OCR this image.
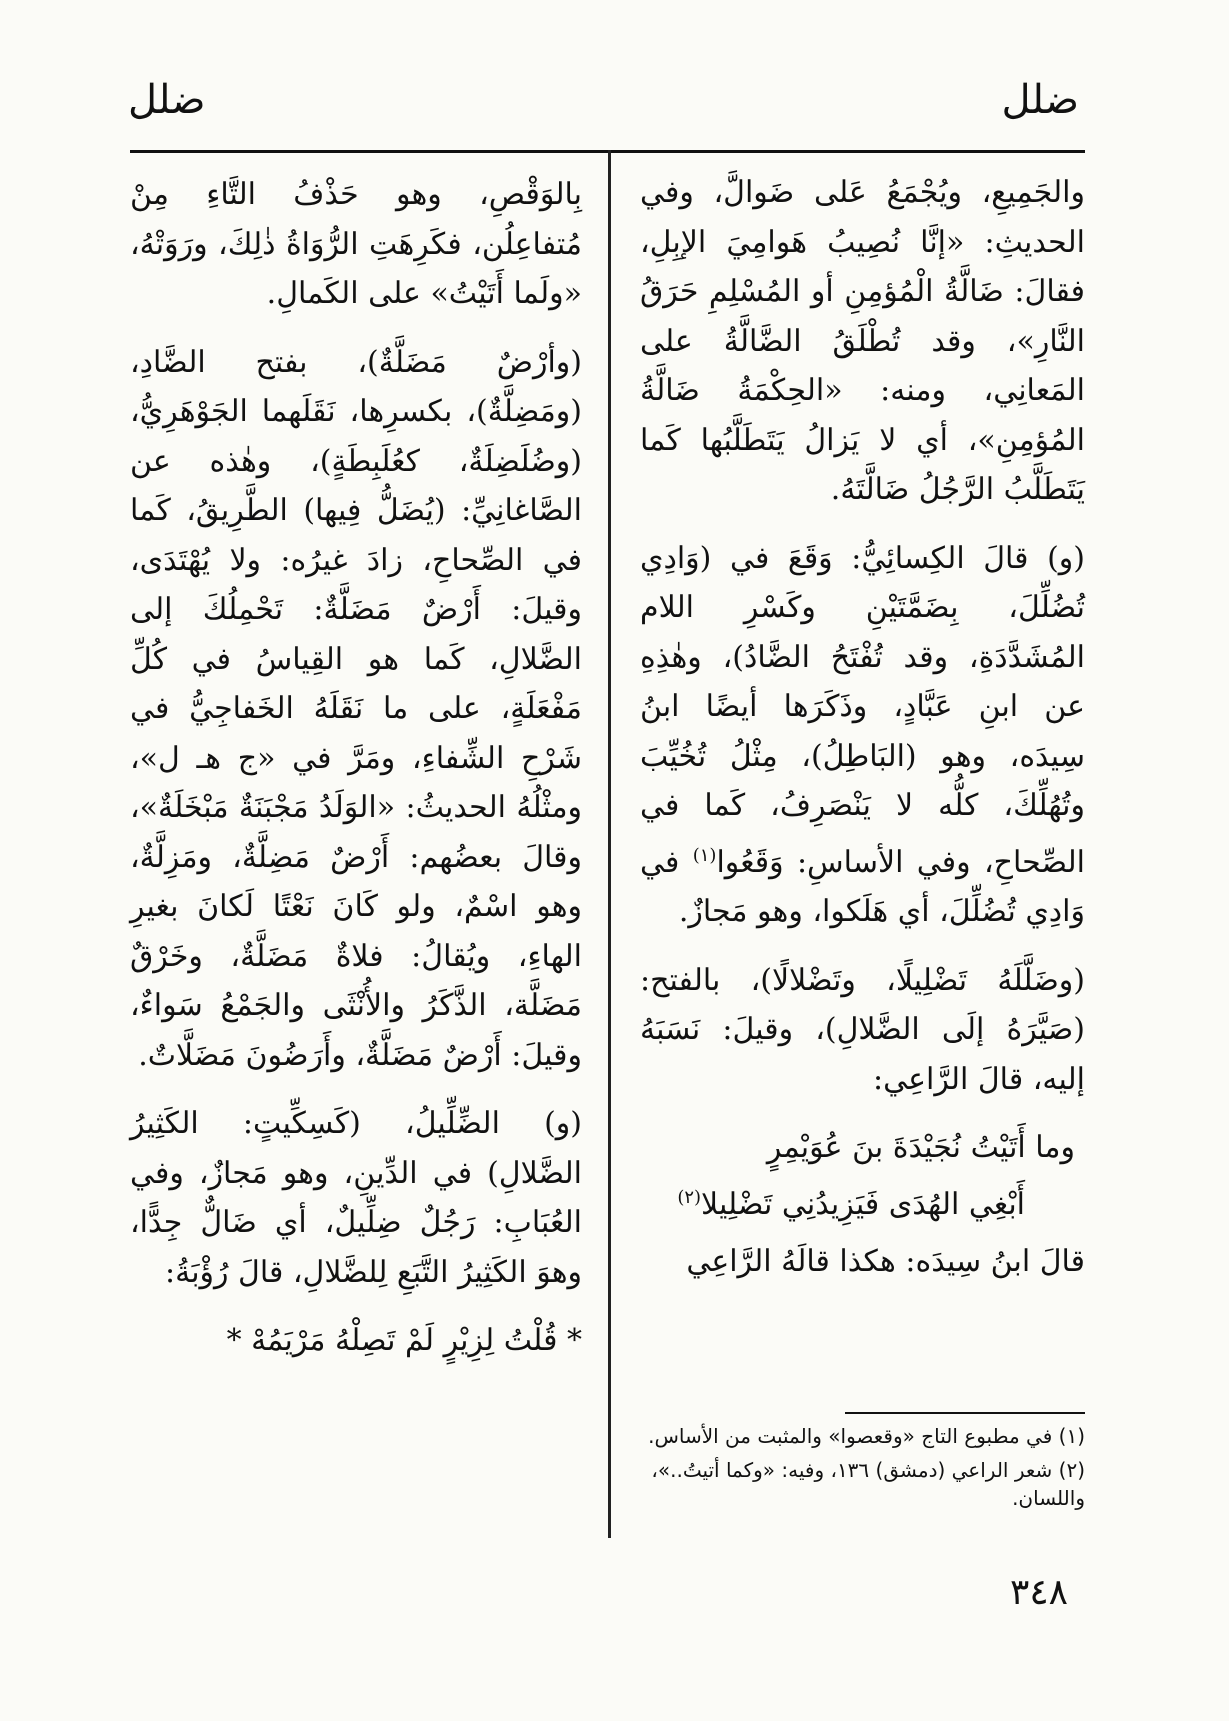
ضلل
ضلل

والجَمِيعِ، ويُجْمَعُ عَلى ضَوالَّ، وفي الحديثِ: «إنَّا نُصِيبُ هَوامِيَ الإبِلِ، فقالَ: ضَالَّةُ الْمُؤمِنِ أو المُسْلِمِ حَرَقُ النَّارِ»، وقد تُطْلَقُ الضَّالَّةُ على المَعانِي، ومنه: «الحِكْمَةُ ضَالَّةُ المُؤمِنِ»، أي لا يَزالُ يَتَطَلَّبُها كَما يَتَطَلَّبُ الرَّجُلُ ضَالَّتَهُ.

(و) قالَ الكِسائِيُّ: وَقَعَ في (وَادِي تُضُلِّلَ، بِضَمَّتَيْنِ وكَسْرِ اللام المُشَدَّدَةِ، وقد تُفْتَحُ الضَّادُ)، وهٰذِهِ عن ابنِ عَبَّادٍ، وذَكَرَها أيضًا ابنُ سِيدَه، وهو (البَاطِلُ)، مِثْلُ تُخُيِّبَ وتُهُلِّكَ، كلُّه لا يَنْصَرِفُ، كَما في الصِّحاحِ، وفي الأساسِ: وَقَعُوا$^{(١)}$ في وَادِي تُضُلِّلَ، أي هَلَكوا، وهو مَجازٌ.

(وضَلَّلَهُ تَضْلِيلًا، وتَضْلالًا)، بالفتح: (صَيَّرَهُ إلَى الضَّلالِ)، وقيلَ: نَسَبَهُ إليه، قالَ الرَّاعِي:

وما أَتَيْتُ نُجَيْدَةَ بنَ عُوَيْمِرٍ
أَبْغِي الهُدَى فَيَزِيدُنِي تَضْلِيلا$^{(٢)}$

قالَ ابنُ سِيدَه: هكذا قالَهُ الرَّاعِي

بِالوَقْصِ، وهو حَذْفُ التَّاءِ مِنْ مُتفاعِلُن، فكَرِهَتِ الرُّوَاةُ ذٰلِكَ، ورَوَتْهُ، «ولَما أَتَيْتُ» على الكَمالِ.

(وأرْضٌ مَضَلَّةٌ)، بفتح الضَّادِ، (ومَضِلَّةٌ)، بكسرِها، نَقَلَهما الجَوْهَرِيُّ، (وضُلَضِلَةٌ، كعُلَبِطَةٍ)، وهٰذه عن الصَّاغانِيِّ: (يُضَلُّ فِيها) الطَّرِيقُ، كَما في الصِّحاحِ، زادَ غيرُه: ولا يُهْتَدَى، وقيلَ: أَرْضٌ مَضَلَّةٌ: تَحْمِلُكَ إلى الضَّلالِ، كَما هو القِياسُ في كُلِّ مَفْعَلَةٍ، على ما نَقَلَهُ الخَفاجِيُّ في شَرْحِ الشِّفاءِ، ومَرَّ في «ج هـ ل»، ومثْلُهُ الحديثُ: «الوَلَدُ مَجْبَنَةٌ مَبْخَلَةٌ»، وقالَ بعضُهم: أَرْضٌ مَضِلَّةٌ، ومَزِلَّةٌ، وهو اسْمٌ، ولو كَانَ نَعْتًا لَكانَ بغيرِ الهاءِ، ويُقالُ: فلاةٌ مَضَلَّةٌ، وخَرْقٌ مَضَلَّة، الذَّكَرُ والأُنْثَى والجَمْعُ سَواءٌ، وقيلَ: أَرْضٌ مَضَلَّةٌ، وأَرَضُونَ مَضَلَّاتٌ.

(و) الضِّلِّيلُ، (كَسِكِّيتٍ: الكَثِيرُ الضَّلالِ) في الدِّينِ، وهو مَجازٌ، وفي العُبَابِ: رَجُلٌ ضِلِّيلٌ، أي ضَالٌّ جِدًّا، وهوَ الكَثِيرُ التَّبَعِ لِلضَّلالِ، قالَ رُؤْبَةُ:

* قُلْتُ لِزِيْرٍ لَمْ تَصِلْهُ مَرْيَمُهْ *
(١) في مطبوع التاج «وقعصوا» والمثبت من الأساس.
(٢) شعر الراعي (دمشق) ١٣٦، وفيه: «وكما أتيتُ..»، واللسان.
٣٤٨
